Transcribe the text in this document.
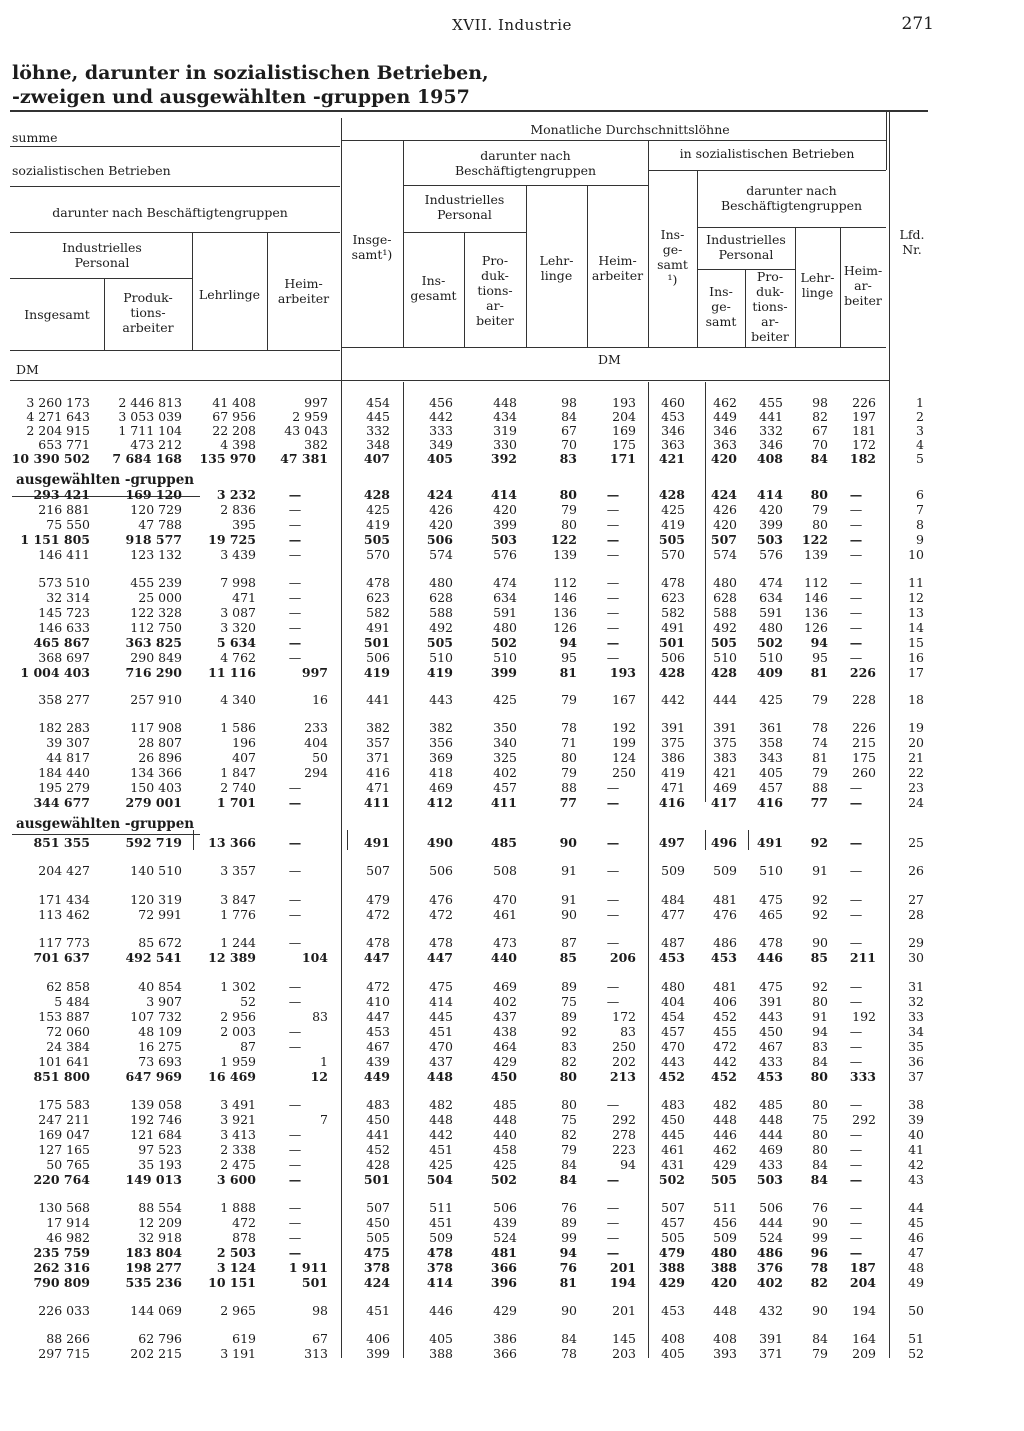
XVII. Industrie	271
löhne, darunter in sozialistischen Betrieben,
-zweigen und ausgewählten -gruppen 1957
summe
sozialistischen Betrieben
darunter nach Beschäftigtengruppen
Industrielles
Personal
Insgesamt
Produk-
tions-
arbeiter
Lehrlinge
Heim-
arbeiter
DM
Monatliche Durchschnittslöhne
darunter nach
Beschäftigtengruppen
in sozialistischen Betrieben
darunter nach
Beschäftigtengruppen
Industrielles
Personal
Insge-
samt¹)
Ins-
gesamt
Pro-
duk-
tions-
ar-
beiter
Lehr-
linge
Heim-
arbeiter
Ins-
ge-
samt
¹)
Industrielles
Personal
Ins-
ge-
samt
Pro-
duk-
tions-
ar-
beiter
Lehr-
linge
Heim-
ar-
beiter
Lfd.
Nr.
DM
ausgewählten -gruppen
ausgewählten -gruppen
3 260 173	2 446 813	41 408	997	454	456	448	98	193	460	462	455	98	226	1
4 271 643	3 053 039	67 956	2 959	445	442	434	84	204	453	449	441	82	197	2
2 204 915	1 711 104	22 208	43 043	332	333	319	67	169	346	346	332	67	181	3
653 771	473 212	4 398	382	348	349	330	70	175	363	363	346	70	172	4
10 390 502	7 684 168	135 970	47 381	407	405	392	83	171	421	420	408	84	182	5
293 421	169 120	3 232	—	428	424	414	80	—	428	424	414	80	—	6
216 881	120 729	2 836	—	425	426	420	79	—	425	426	420	79	—	7
75 550	47 788	395	—	419	420	399	80	—	419	420	399	80	—	8
1 151 805	918 577	19 725	—	505	506	503	122	—	505	507	503	122	—	9
146 411	123 132	3 439	—	570	574	576	139	—	570	574	576	139	—	10
573 510	455 239	7 998	—	478	480	474	112	—	478	480	474	112	—	11
32 314	25 000	471	—	623	628	634	146	—	623	628	634	146	—	12
145 723	122 328	3 087	—	582	588	591	136	—	582	588	591	136	—	13
146 633	112 750	3 320	—	491	492	480	126	—	491	492	480	126	—	14
465 867	363 825	5 634	—	501	505	502	94	—	501	505	502	94	—	15
368 697	290 849	4 762	—	506	510	510	95	—	506	510	510	95	—	16
1 004 403	716 290	11 116	997	419	419	399	81	193	428	428	409	81	226	17
358 277	257 910	4 340	16	441	443	425	79	167	442	444	425	79	228	18
182 283	117 908	1 586	233	382	382	350	78	192	391	391	361	78	226	19
39 307	28 807	196	404	357	356	340	71	199	375	375	358	74	215	20
44 817	26 896	407	50	371	369	325	80	124	386	383	343	81	175	21
184 440	134 366	1 847	294	416	418	402	79	250	419	421	405	79	260	22
195 279	150 403	2 740	—	471	469	457	88	—	471	469	457	88	—	23
344 677	279 001	1 701	—	411	412	411	77	—	416	417	416	77	—	24
851 355	592 719	13 366	—	491	490	485	90	—	497	496	491	92	—	25
204 427	140 510	3 357	—	507	506	508	91	—	509	509	510	91	—	26
171 434	120 319	3 847	—	479	476	470	91	—	484	481	475	92	—	27
113 462	72 991	1 776	—	472	472	461	90	—	477	476	465	92	—	28
117 773	85 672	1 244	—	478	478	473	87	—	487	486	478	90	—	29
701 637	492 541	12 389	104	447	447	440	85	206	453	453	446	85	211	30
62 858	40 854	1 302	—	472	475	469	89	—	480	481	475	92	—	31
5 484	3 907	52	—	410	414	402	75	—	404	406	391	80	—	32
153 887	107 732	2 956	83	447	445	437	89	172	454	452	443	91	192	33
72 060	48 109	2 003	—	453	451	438	92	83	457	455	450	94	—	34
24 384	16 275	87	—	467	470	464	83	250	470	472	467	83	—	35
101 641	73 693	1 959	1	439	437	429	82	202	443	442	433	84	—	36
851 800	647 969	16 469	12	449	448	450	80	213	452	452	453	80	333	37
175 583	139 058	3 491	—	483	482	485	80	—	483	482	485	80	—	38
247 211	192 746	3 921	7	450	448	448	75	292	450	448	448	75	292	39
169 047	121 684	3 413	—	441	442	440	82	278	445	446	444	80	—	40
127 165	97 523	2 338	—	452	451	458	79	223	461	462	469	80	—	41
50 765	35 193	2 475	—	428	425	425	84	94	431	429	433	84	—	42
220 764	149 013	3 600	—	501	504	502	84	—	502	505	503	84	—	43
130 568	88 554	1 888	—	507	511	506	76	—	507	511	506	76	—	44
17 914	12 209	472	—	450	451	439	89	—	457	456	444	90	—	45
46 982	32 918	878	—	505	509	524	99	—	505	509	524	99	—	46
235 759	183 804	2 503	—	475	478	481	94	—	479	480	486	96	—	47
262 316	198 277	3 124	1 911	378	378	366	76	201	388	388	376	78	187	48
790 809	535 236	10 151	501	424	414	396	81	194	429	420	402	82	204	49
226 033	144 069	2 965	98	451	446	429	90	201	453	448	432	90	194	50
88 266	62 796	619	67	406	405	386	84	145	408	408	391	84	164	51
297 715	202 215	3 191	313	399	388	366	78	203	405	393	371	79	209	52
